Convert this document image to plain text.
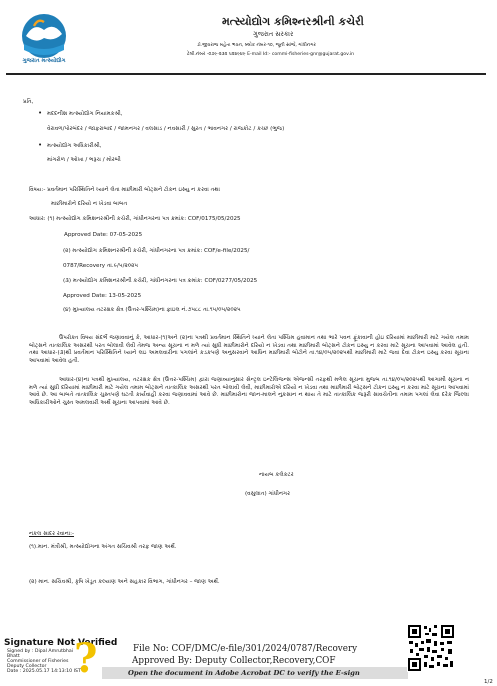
ગુજરાત મત્સ્યોદ્યોગ
મત્સ્યોદ્યોગ કમિશ્નરશ્રીની કચેરી
ગુજરાત સરકાર
ડૉ.જીવરાજ મહેતા ભવન, બ્લોક નંબર-૧૦, જૂની સાંજે, ગાંધીનગર
ટેલી.નંબર -૦૭૯-૨૩૨ ૫૨૪૯૪૯ E-mail Id:- commi-fisheries-gnr@gujarat.gov.in
પ્રતિ,
• મદદનીશ મત્સ્યોદ્યોગ નિયામકશ્રી,
વેરાવળ/પોરબંદર / જાફરાબાદ / જામનગર / વલસાડ / નવસારી / સુરત / ભાવનગર / રાજકોટ / કચ્છ (ભુજ)
• મત્સ્યોદ્યોગ અધિકારીશ્રી,
માંગરોળ / ઓખા / ભરૂચ / મોરબી
વિષય:- પ્રવર્તમાન પરિસ્થિતિને ધ્યાને લેતા માછીમારી બોટ્સને ટોકન ઇસ્યુ ન કરવા તથા
માછીમારોને દરિયો ન ખેડવા બાબત
આધાર: (૧) મત્સ્યોદ્યોગ કમિશનરશ્રીની કચેરી, ગાંધીનગરના પત્ર ક્રમાંક: COF/0175/05/2025
Approved Date: 07-05-2025
(૨) મત્સ્યોદ્યોગ કમિશનરશ્રીની કચેરી, ગાંધીનગરના પત્ર ક્રમાંક: COF/e-file/2025/
0787/Recovery તા.૯/૫/૨૦૨૫
(૩) મત્સ્યોદ્યોગ કમિશનરશ્રીની કચેરી, ગાંધીનગરના પત્ર ક્રમાંક: COF/0277/05/2025
Approved Date: 13-05-2025
(૪) મુખ્યાલય તટરક્ષક ક્ષેત્ર (ઉત્તર-પશ્ચિમ)ના ફાઇલ નં.૭૫૮૮ તા.૧૫/૦૫/૨૦૨૫
ઉપરોક્ત વિષય સંદર્ભે જણાવવાનું કે, આધાર-(૧)અને (૨)ના પત્રથી પ્રવર્તમાન સ્થિતિને ધ્યાને લેતા પશ્ચિમ હવામાન તથા ભારે પવન ફૂંકાવાની હોઇ દરિયામાં માછીમારી માટે ગયેલ તમામ બોટ્સને તાત્કાલિક અસરથી પરત બોલાવી લેવી તેમજ અન્ય સૂચના ન મળે ત્યાં સુધી માછીમારોને દરિયો ન ખેડવા તથા માછીમારી બોટ્સને ટોકન ઇસ્યુ ન કરવા માટે સૂચના આપવામાં આવેલ હતી. તથા આધાર-(૩)થી પ્રવર્તમાન પરિસ્થિતિને ધ્યાને લઇ અમલવારીના પગલાંને કડકપણે અનુસરવાને આધિન માછીમારી બોટોને તા.૧૪/૦૫/૨૦૨૫થી માછીમારી માટે જવા દેવા ટોકન ઇસ્યુ કરવા સૂચના આપવામાં આવેલ હતી.
આધાર-(૪)ના પત્રથી મુખ્યાલય, તટરક્ષક ક્ષેત્ર (ઉત્તર-પશ્ચિમ) દ્વારા જણાવ્યાનુસાર સેન્ટ્રલ ઇન્ટેલિજન્સ એજન્સી તરફથી મળેલ સૂચના મુજબ તા.૧૪/૦૫/૨૦૨૫થી આગામી સૂચના ન મળે ત્યાં સુધી દરિયામાં માછીમારી માટે ગયેલ તમામ બોટ્સને તાત્કાલિક અસરથી પરત બોલાવી લેવી, માછીમારોએ દરિયો ન ખેડવા તથા માછીમારી બોટ્સને ટોકન ઇસ્યુ ન કરવા માટે સૂચના આપવામાં આવે છે. આ બાબતે તાત્કાલિક ચુસ્તપણે ઘટતી કાર્યવાહી કરવા જણાવવામાં આવે છે. માછીમારોના જાન-માલને નુકસાન ન થાય તે માટે તાત્કાલિક જરૂરી સાવચેતીના તમામ પગલાં લેવા દરેક જિલ્લા અધિકારીઓને ચુસ્ત અમલવારી અર્થે સૂચના આપવામાં આવે છે.
નાયબ કલેકટર
(વસુલાત) ગાંધીનગર
નકલ સાદર રવાના:-
(૧).માન. મંત્રીશ્રી, મત્સ્યોદ્યોગના અંગત સચિવશ્રી તરફ જાણ અર્થે.
(૨) માન. સચિવશ્રી, કૃષિ ખેડૂત કલ્યાણ અને સહકાર વિભાગ, ગાંધીનગર – જાણ અર્થે.
Signature Not Verified
?
Signed by : Dipal Amrutbhai
Bhatt
Commissioner of Fisheries
Deputy Collector
Date : 2025.05.17 14:13:10 IST
File No: COF/DMC/e-file/301/2024/0787/Recovery
Approved By: Deputy Collector,Recovery,COF
Open the document in Adobe Acrobat DC to verify the E-sign
1/2
